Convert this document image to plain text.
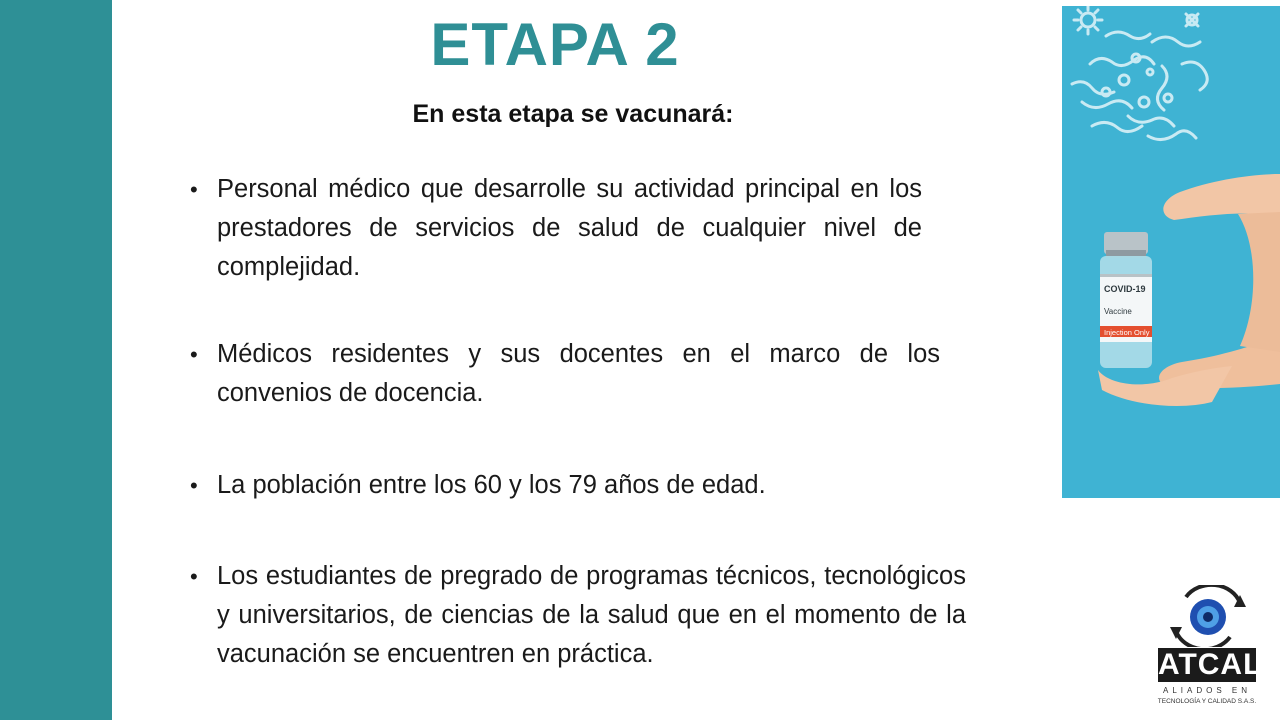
ETAPA 2

En esta etapa se vacunará:

• Personal médico que desarrolle su actividad principal en los prestadores de servicios de salud de cualquier nivel de complejidad.
• Médicos residentes y sus docentes en el marco de los convenios de docencia.
• La población entre los 60 y los 79 años de edad.
• Los estudiantes de pregrado de programas técnicos, tecnológicos y universitarios, de ciencias de la salud que en el momento de la vacunación se encuentren en práctica.
COVID-19
Vaccine
Injection Only
ATCAL
ALIADOS EN
TECNOLOGÍA Y CALIDAD S.A.S.
